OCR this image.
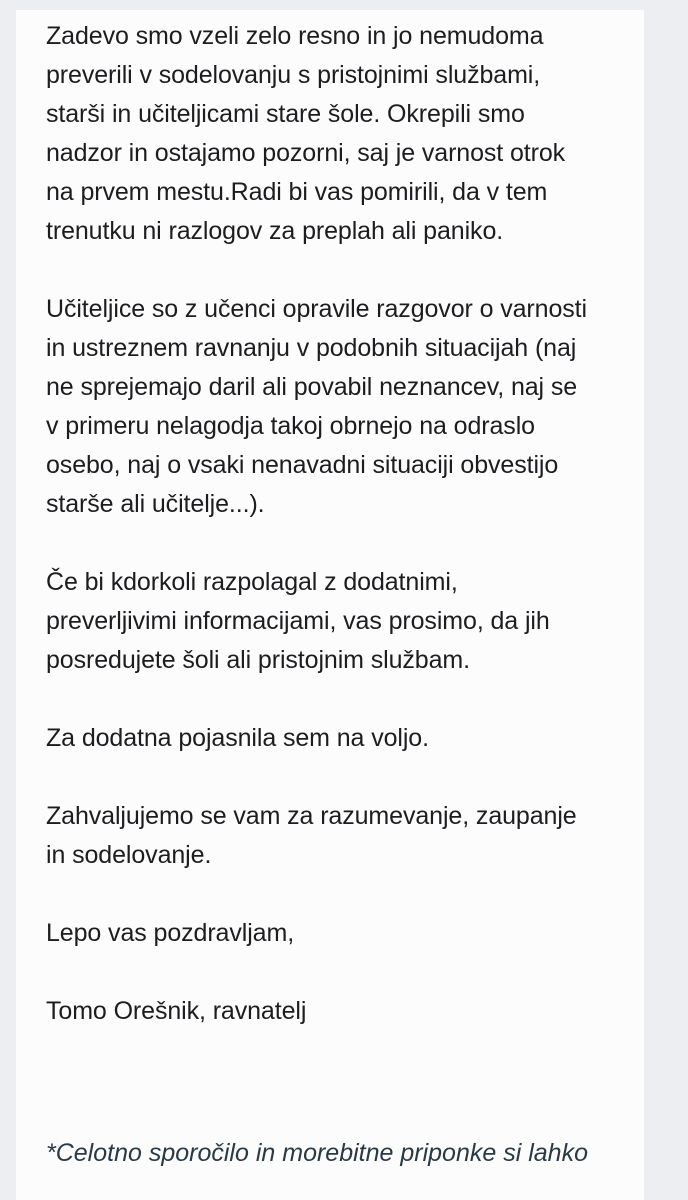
Zadevo smo vzeli zelo resno in jo nemudoma
preverili v sodelovanju s pristojnimi službami,
starši in učiteljicami stare šole. Okrepili smo
nadzor in ostajamo pozorni, saj je varnost otrok
na prvem mestu.Radi bi vas pomirili, da v tem
trenutku ni razlogov za preplah ali paniko.

Učiteljice so z učenci opravile razgovor o varnosti
in ustreznem ravnanju v podobnih situacijah (naj
ne sprejemajo daril ali povabil neznancev, naj se
v primeru nelagodja takoj obrnejo na odraslo
osebo, naj o vsaki nenavadni situaciji obvestijo
starše ali učitelje...).

Če bi kdorkoli razpolagal z dodatnimi,
preverljivimi informacijami, vas prosimo, da jih
posredujete šoli ali pristojnim službam.

Za dodatna pojasnila sem na voljo.

Zahvaljujemo se vam za razumevanje, zaupanje
in sodelovanje.

Lepo vas pozdravljam,

Tomo Orešnik, ravnatelj

*Celotno sporočilo in morebitne priponke si lahko
